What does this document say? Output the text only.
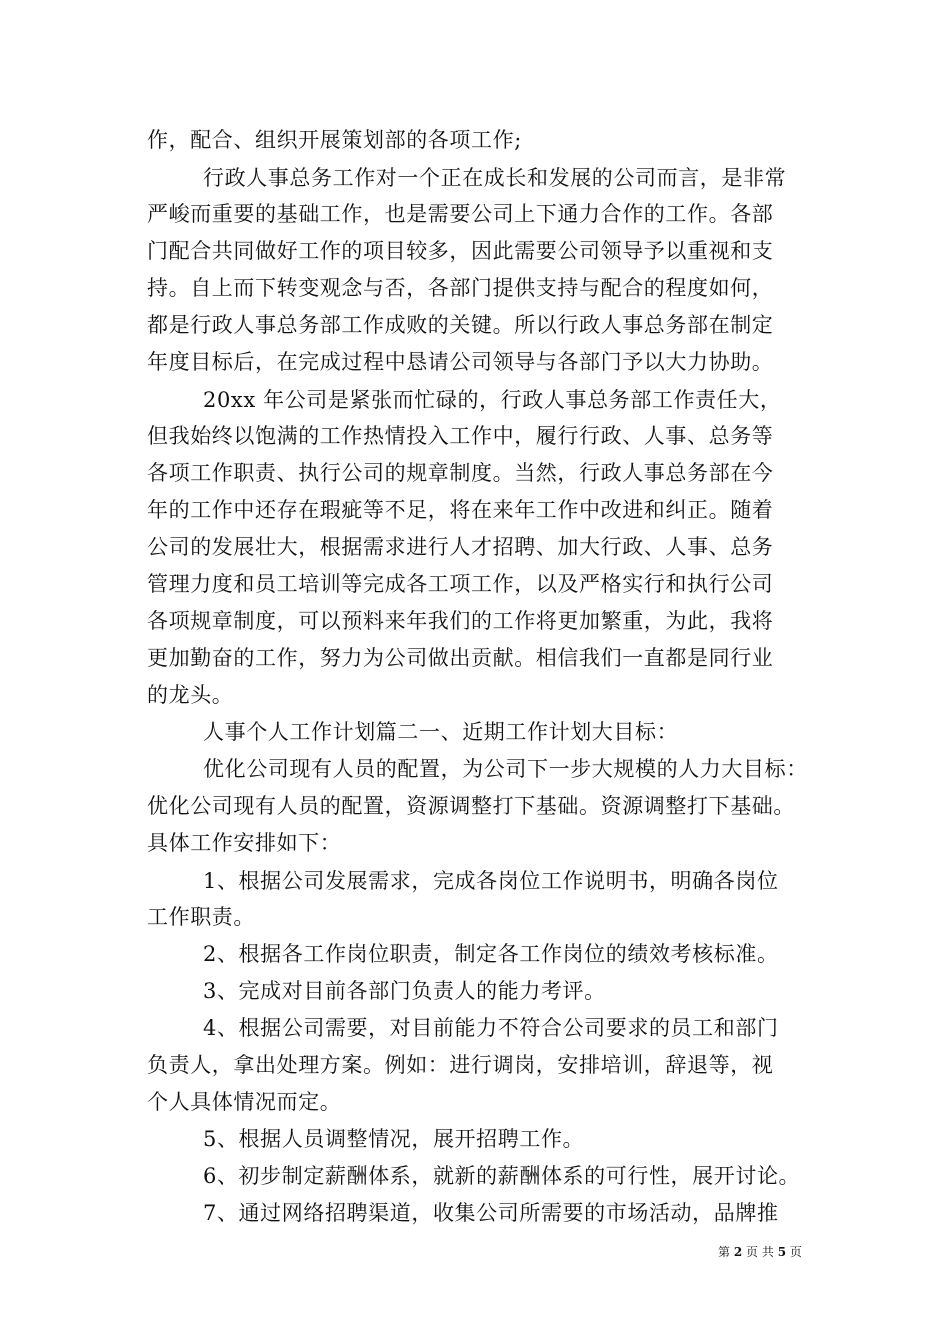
作，配合、组织开展策划部的各项工作;
行政人事总务工作对一个正在成长和发展的公司而言，是非常
严峻而重要的基础工作，也是需要公司上下通力合作的工作。各部
门配合共同做好工作的项目较多，因此需要公司领导予以重视和支
持。自上而下转变观念与否，各部门提供支持与配合的程度如何，
都是行政人事总务部工作成败的关键。所以行政人事总务部在制定
年度目标后，在完成过程中恳请公司领导与各部门予以大力协助。
20xx 年公司是紧张而忙碌的，行政人事总务部工作责任大，
但我始终以饱满的工作热情投入工作中，履行行政、人事、总务等
各项工作职责、执行公司的规章制度。当然，行政人事总务部在今
年的工作中还存在瑕疵等不足，将在来年工作中改进和纠正。随着
公司的发展壮大，根据需求进行人才招聘、加大行政、人事、总务
管理力度和员工培训等完成各工项工作，以及严格实行和执行公司
各项规章制度，可以预料来年我们的工作将更加繁重，为此，我将
更加勤奋的工作，努力为公司做出贡献。相信我们一直都是同行业
的龙头。
人事个人工作计划篇二一、近期工作计划大目标：
优化公司现有人员的配置，为公司下一步大规模的人力大目标：
优化公司现有人员的配置，资源调整打下基础。资源调整打下基础。
具体工作安排如下：
1、根据公司发展需求，完成各岗位工作说明书，明确各岗位
工作职责。
2、根据各工作岗位职责，制定各工作岗位的绩效考核标准。
3、完成对目前各部门负责人的能力考评。
4、根据公司需要，对目前能力不符合公司要求的员工和部门
负责人，拿出处理方案。例如：进行调岗，安排培训，辞退等，视
个人具体情况而定。
5、根据人员调整情况，展开招聘工作。
6、初步制定薪酬体系，就新的薪酬体系的可行性，展开讨论。
7、通过网络招聘渠道，收集公司所需要的市场活动，品牌推
第 2 页 共 5 页
